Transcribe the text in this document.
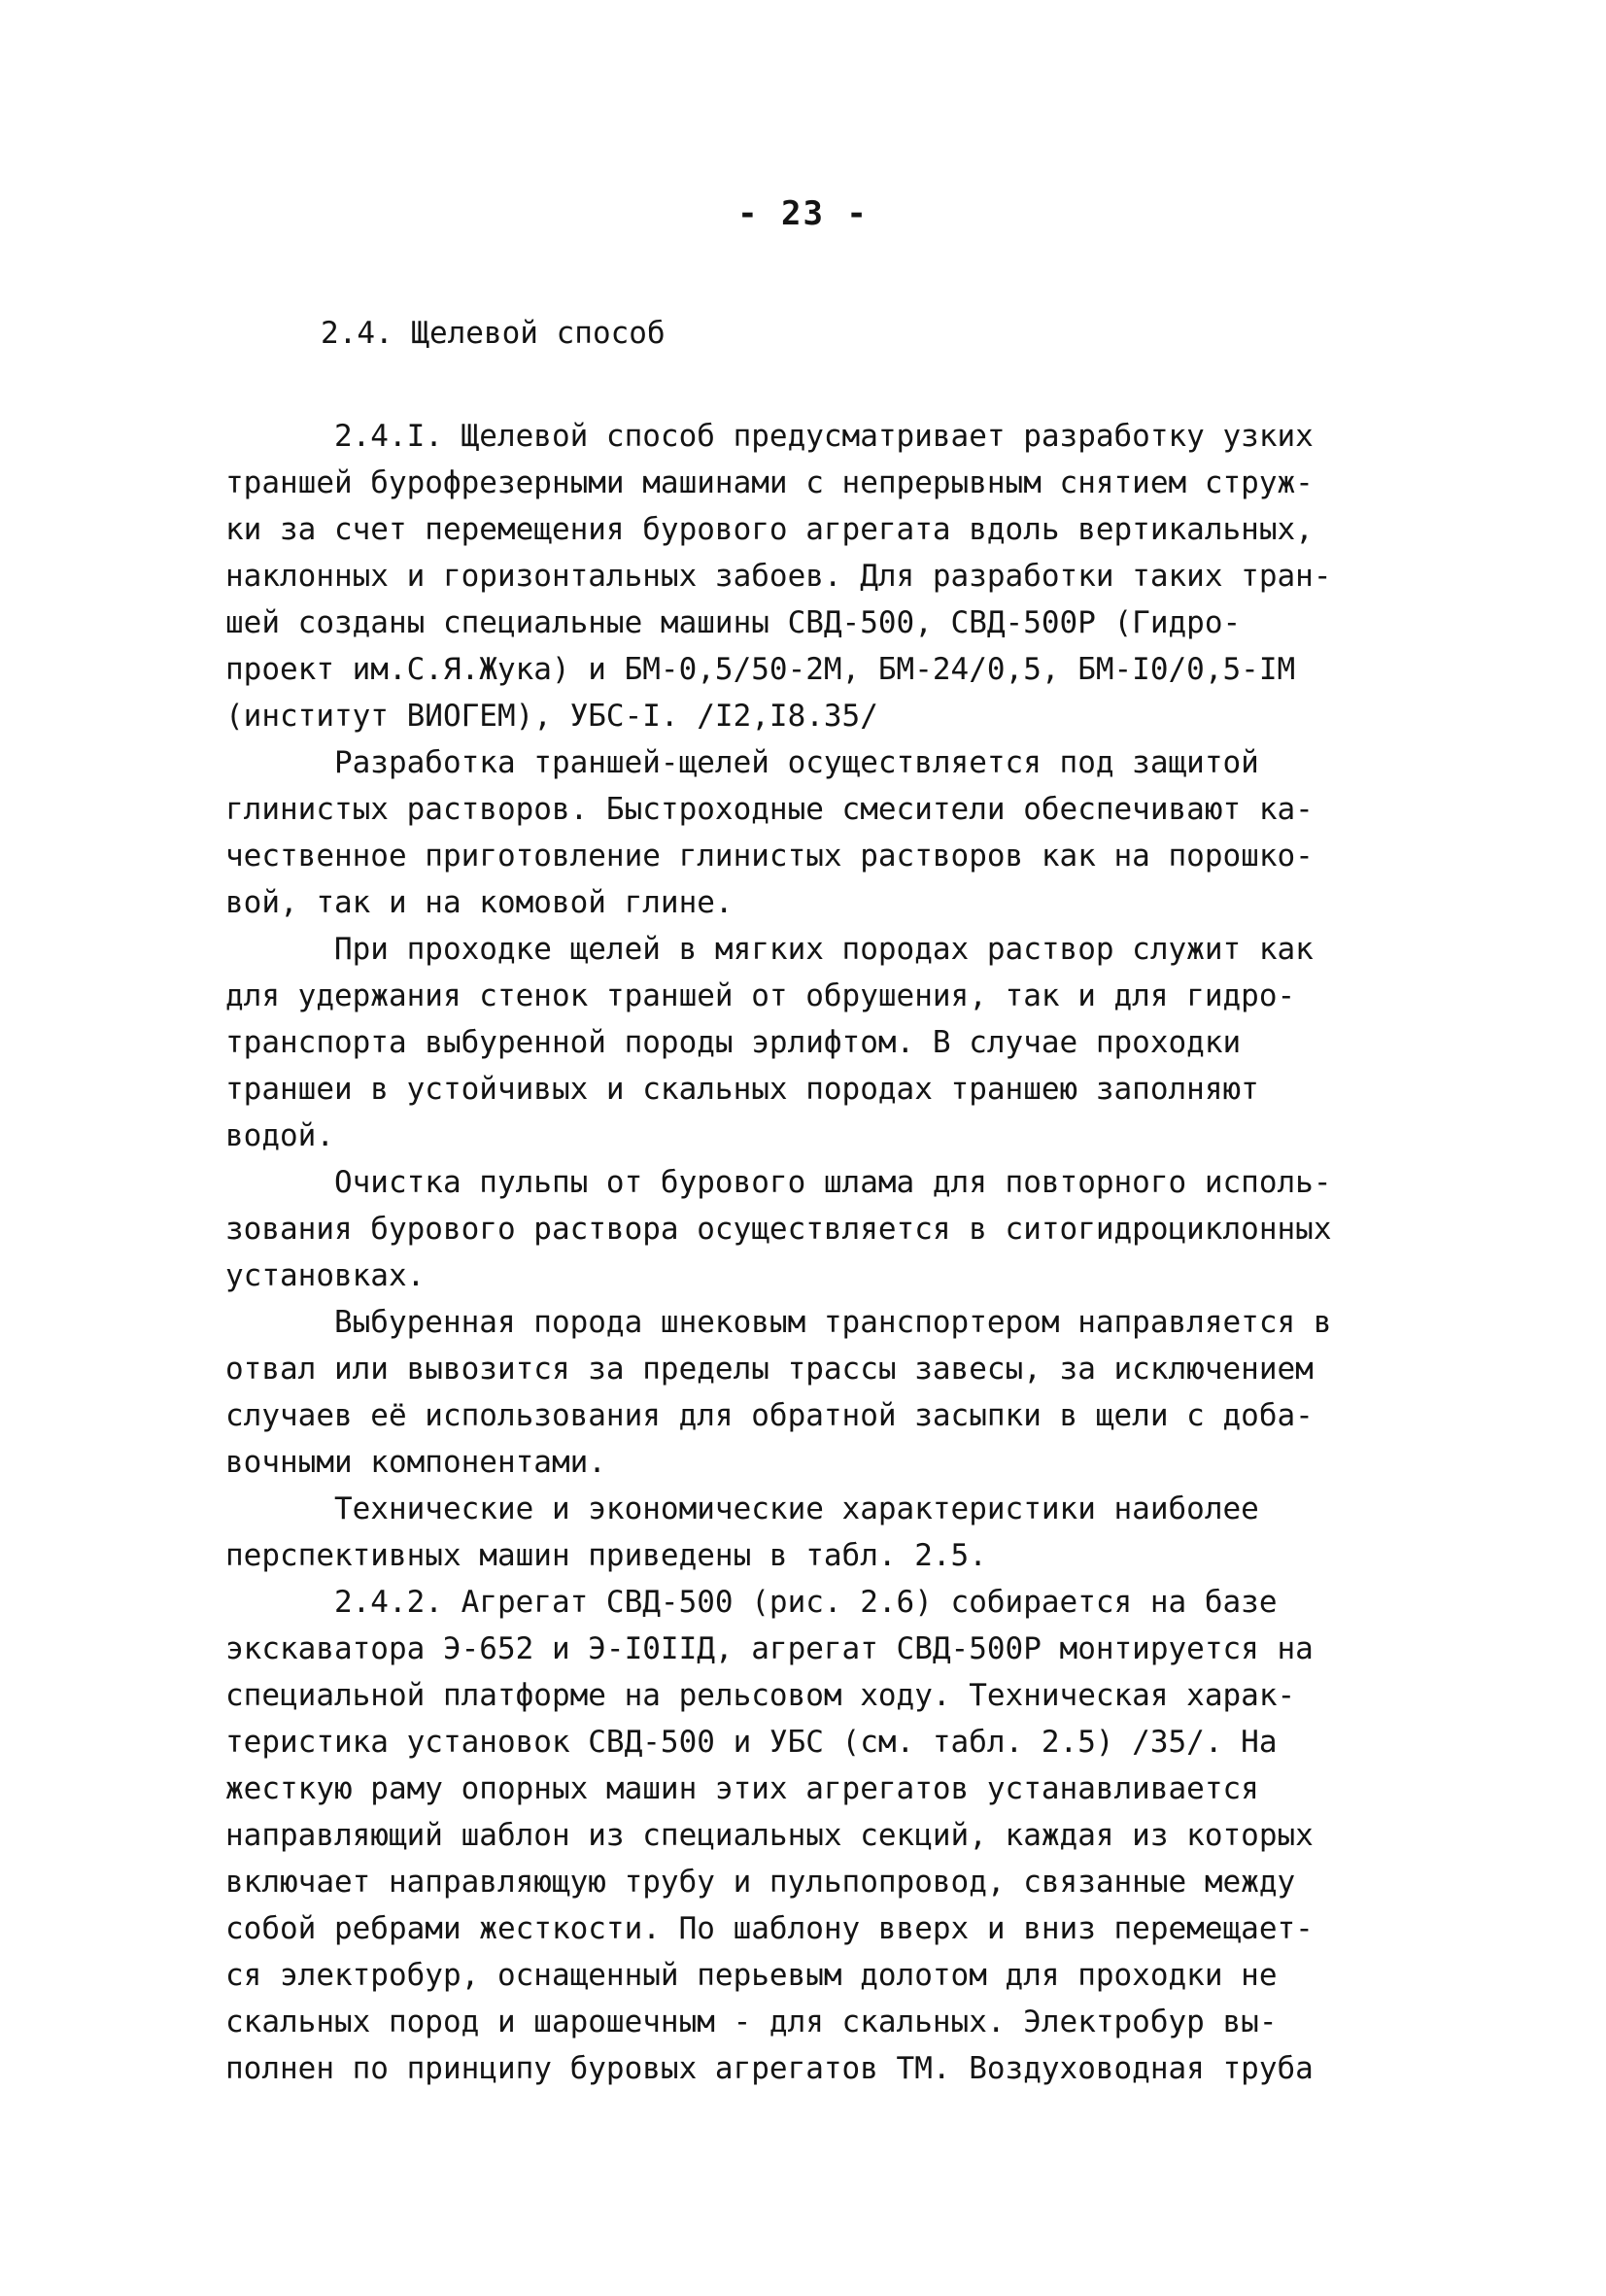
- 23 -
2.4. Щелевой способ
2.4.I. Щелевой способ предусматривает разработку узких
траншей бурофрезерными машинами с непрерывным снятием струж-
ки за счет перемещения бурового агрегата вдоль вертикальных,
наклонных и горизонтальных забоев. Для разработки таких тран-
шей созданы специальные машины СВД-500, СВД-500Р (Гидро-
проект им.С.Я.Жука) и БМ-0,5/50-2М, БМ-24/0,5, БМ-I0/0,5-IМ
(институт ВИОГЕМ), УБС-I. /I2,I8.35/
Разработка траншей-щелей осуществляется под защитой
глинистых растворов. Быстроходные смесители обеспечивают ка-
чественное приготовление глинистых растворов как на порошко-
вой, так и на комовой глине.
При проходке щелей в мягких породах раствор служит как
для удержания стенок траншей от обрушения, так и для гидро-
транспорта выбуренной породы эрлифтом. В случае проходки
траншеи в устойчивых и скальных породах траншею заполняют
водой.
Очистка пульпы от бурового шлама для повторного исполь-
зования бурового раствора осуществляется в ситогидроциклонных
установках.
Выбуренная порода шнековым транспортером направляется в
отвал или вывозится за пределы трассы завесы, за исключением
случаев её использования для обратной засыпки в щели с доба-
вочными компонентами.
Технические и экономические характеристики наиболее
перспективных машин приведены в табл. 2.5.
2.4.2. Агрегат СВД-500 (рис. 2.6) собирается на базе
экскаватора Э-652 и Э-I0IIД, агрегат СВД-500Р монтируется на
специальной платформе на рельсовом ходу. Техническая харак-
теристика установок СВД-500 и УБС (см. табл. 2.5) /35/. На
жесткую раму опорных машин этих агрегатов устанавливается
направляющий шаблон из специальных секций, каждая из которых
включает направляющую трубу и пульпопровод, связанные между
собой ребрами жесткости. По шаблону вверх и вниз перемещает-
ся электробур, оснащенный перьевым долотом для проходки не
скальных пород и шарошечным - для скальных. Электробур вы-
полнен по принципу буровых агрегатов ТМ. Воздуховодная труба
